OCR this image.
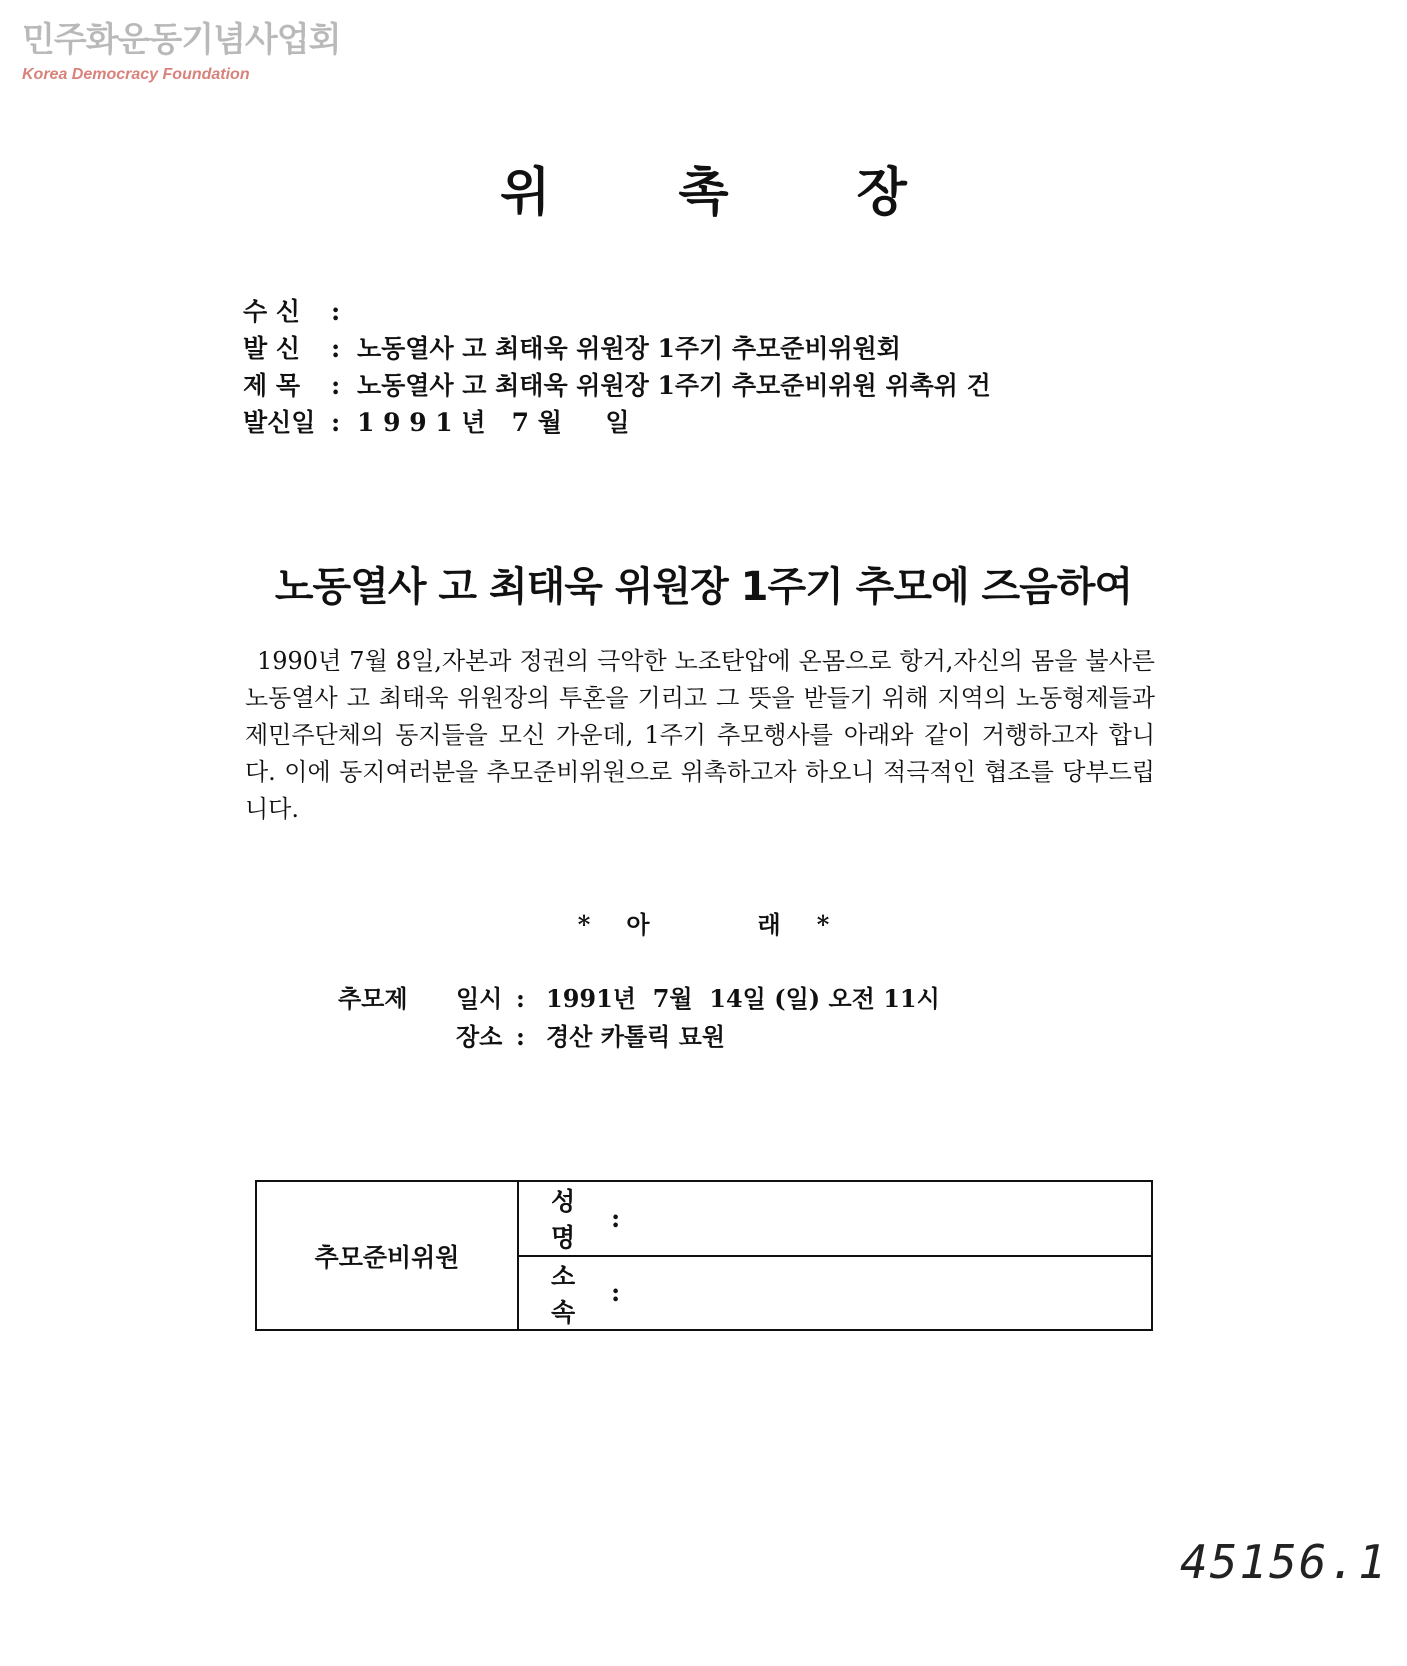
민주화운동기념사업회
Korea Democracy Foundation
위 촉 장
수 신 :
발 신 : 노동열사 고 최태욱 위원장 1주기 추모준비위원회
제 목 : 노동열사 고 최태욱 위원장 1주기 추모준비위원 위촉위 건
발신일 : 1 9 9 1 년   7 월     일
노동열사 고 최태욱 위원장 1주기 추모에 즈음하여
1990년 7월 8일,자본과 정권의 극악한 노조탄압에 온몸으로 항거,자신의 몸을 불사른 노동열사 고 최태욱 위원장의 투혼을 기리고 그 뜻을 받들기 위해 지역의 노동형제들과 제민주단체의 동지들을 모신 가운데, 1주기 추모행사를 아래와 같이 거행하고자 합니다. 이에 동지여러분을 추모준비위원으로 위촉하고자 하오니 적극적인 협조를 당부드립니다.
* 아	래 *
추모제 일시 : 1991년  7월  14일 (일) 오전 11시
장소 : 경산 카톨릭 묘원
추모준비위원
성 명
:
소 속
:
45156.1
